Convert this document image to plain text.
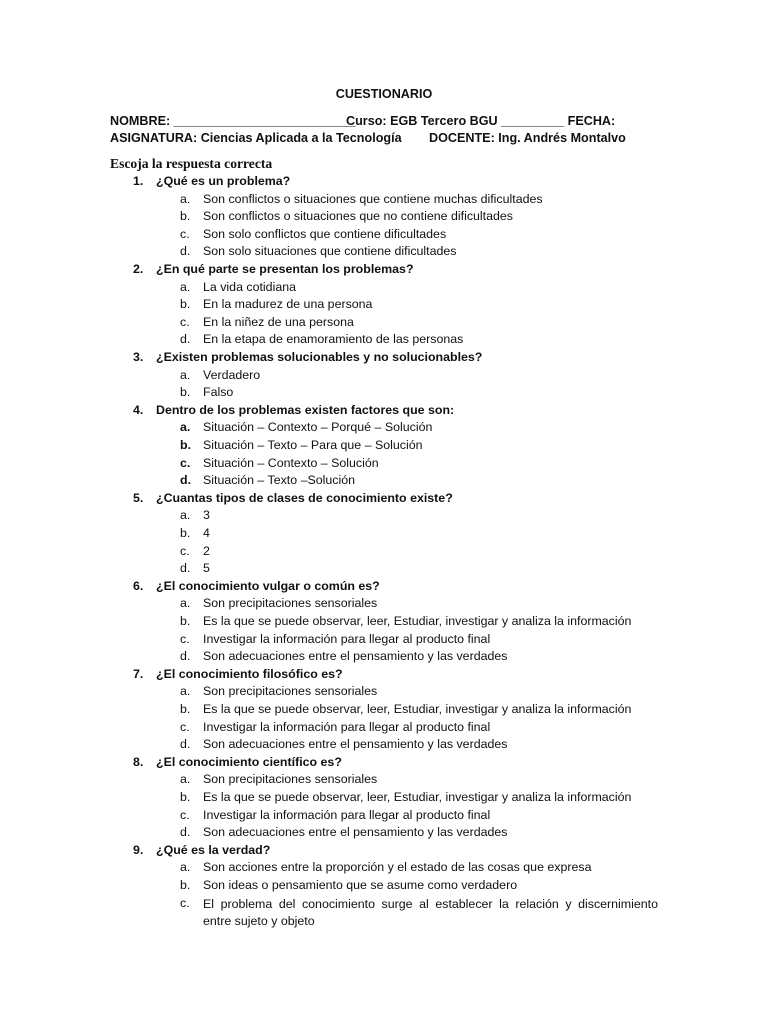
CUESTIONARIO
NOMBRE: __________________________
Curso: EGB Tercero BGU _________ FECHA:
ASIGNATURA: Ciencias Aplicada a la Tecnología DOCENTE: Ing. Andrés Montalvo
Escoja la respuesta correcta
1. ¿Qué es un problema?
a. Son conflictos o situaciones que contiene muchas dificultades
b. Son conflictos o situaciones que no contiene dificultades
c. Son solo conflictos que contiene dificultades
d. Son solo situaciones que contiene dificultades
2. ¿En qué parte se presentan los problemas?
a. La vida cotidiana
b. En la madurez de una persona
c. En la niñez de una persona
d. En la etapa de enamoramiento de las personas
3. ¿Existen problemas solucionables y no solucionables?
a. Verdadero
b. Falso
4. Dentro de los problemas existen factores que son:
a. Situación – Contexto – Porqué – Solución
b. Situación – Texto – Para que – Solución
c. Situación – Contexto – Solución
d. Situación – Texto –Solución
5. ¿Cuantas tipos de clases de conocimiento existe?
a. 3
b. 4
c. 2
d. 5
6. ¿El conocimiento vulgar o común es?
a. Son precipitaciones sensoriales
b. Es la que se puede observar, leer, Estudiar, investigar y analiza la información
c. Investigar la información para llegar al producto final
d. Son adecuaciones entre el pensamiento y las verdades
7. ¿El conocimiento filosófico es?
a. Son precipitaciones sensoriales
b. Es la que se puede observar, leer, Estudiar, investigar y analiza la información
c. Investigar la información para llegar al producto final
d. Son adecuaciones entre el pensamiento y las verdades
8. ¿El conocimiento científico es?
a. Son precipitaciones sensoriales
b. Es la que se puede observar, leer, Estudiar, investigar y analiza la información
c. Investigar la información para llegar al producto final
d. Son adecuaciones entre el pensamiento y las verdades
9. ¿Qué es la verdad?
a. Son acciones entre la proporción y el estado de las cosas que expresa
b. Son ideas o pensamiento que se asume como verdadero
c. El problema del conocimiento surge al establecer la relación y discernimiento entre sujeto y objeto
